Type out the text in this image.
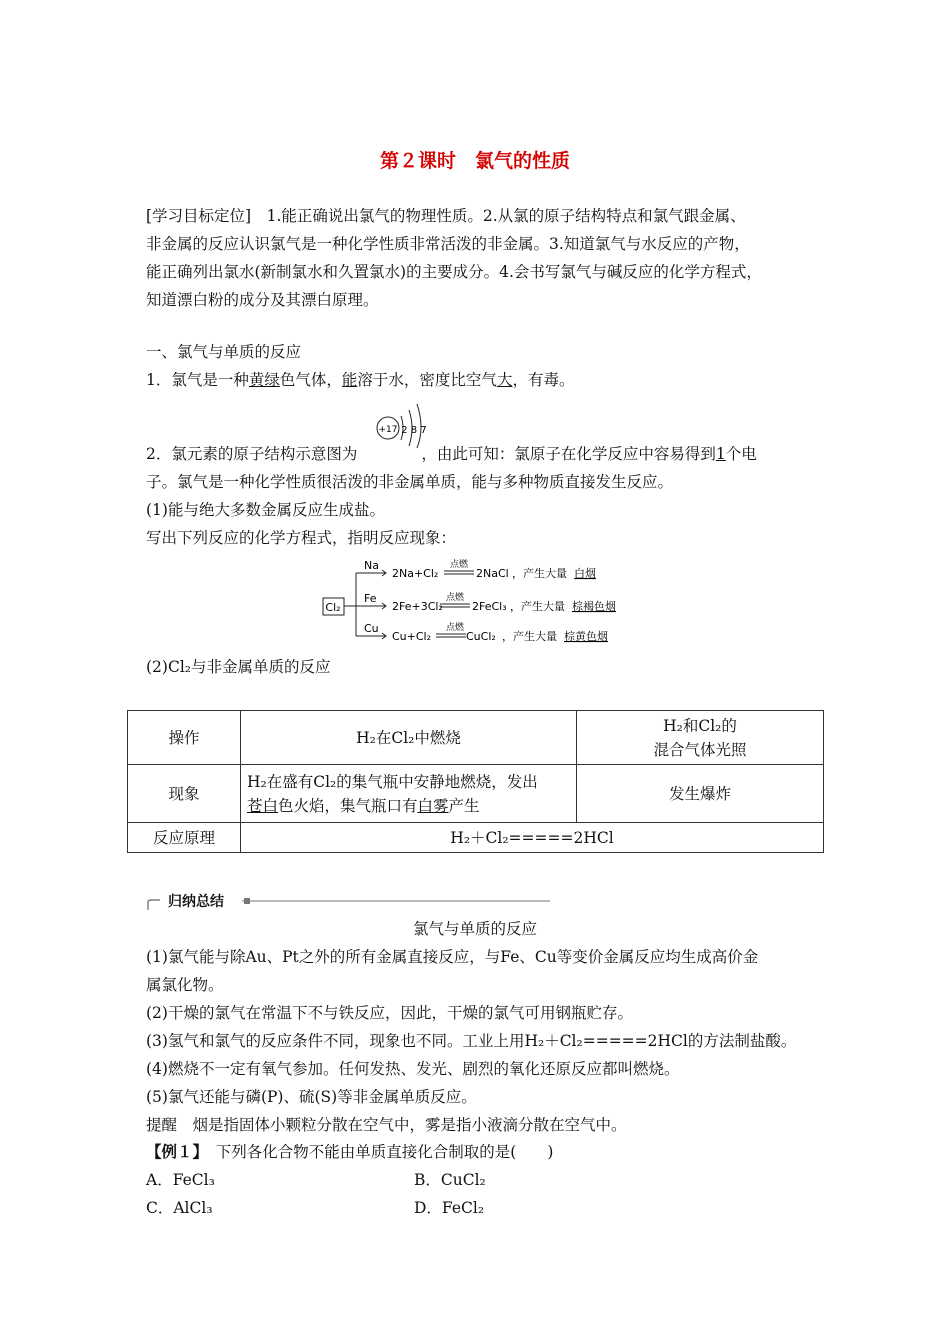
第２课时　氯气的性质
[学习目标定位]　1.能正确说出氯气的物理性质。2.从氯的原子结构特点和氯气跟金属、
非金属的反应认识氯气是一种化学性质非常活泼的非金属。3.知道氯气与水反应的产物，
能正确列出氯水(新制氯水和久置氯水)的主要成分。4.会书写氯气与碱反应的化学方程式，
知道漂白粉的成分及其漂白原理。
一、氯气与单质的反应
1．氯气是一种黄绿色气体，能溶于水，密度比空气大，有毒。
+17 2 8 7
2．氯元素的原子结构示意图为	，由此可知：氯原子在化学反应中容易得到1个电
子。氯气是一种化学性质很活泼的非金属单质，能与多种物质直接发生反应。
(1)能与绝大多数金属反应生成盐。
写出下列反应的化学方程式，指明反应现象：
Cl₂
Na
2Na+Cl₂
点燃
2NaCl ，产生大量 白烟
Fe
2Fe+3Cl₂
点燃
2FeCl₃ ，产生大量 棕褐色烟
Cu
Cu+Cl₂
点燃
CuCl₂ ，产生大量 棕黄色烟
(2)Cl₂与非金属单质的反应
操作	H₂在Cl₂中燃烧	H₂和Cl₂的
混合气体光照
现象	H₂在盛有Cl₂的集气瓶中安静地燃烧，发出
苍白色火焰，集气瓶口有白雾产生	发生爆炸
反应原理	H₂＋Cl₂=====2HCl	
归纳总结
氯气与单质的反应
(1)氯气能与除Au、Pt之外的所有金属直接反应，与Fe、Cu等变价金属反应均生成高价金
属氯化物。
(2)干燥的氯气在常温下不与铁反应，因此，干燥的氯气可用钢瓶贮存。
(3)氢气和氯气的反应条件不同，现象也不同。工业上用H₂＋Cl₂=====2HCl的方法制盐酸。
(4)燃烧不一定有氧气参加。任何发热、发光、剧烈的氧化还原反应都叫燃烧。
(5)氯气还能与磷(P)、硫(S)等非金属单质反应。
提醒　烟是指固体小颗粒分散在空气中，雾是指小液滴分散在空气中。
【例１】　下列各化合物不能由单质直接化合制取的是(　　)
A．FeCl₃	B．CuCl₂
C．AlCl₃	D．FeCl₂
